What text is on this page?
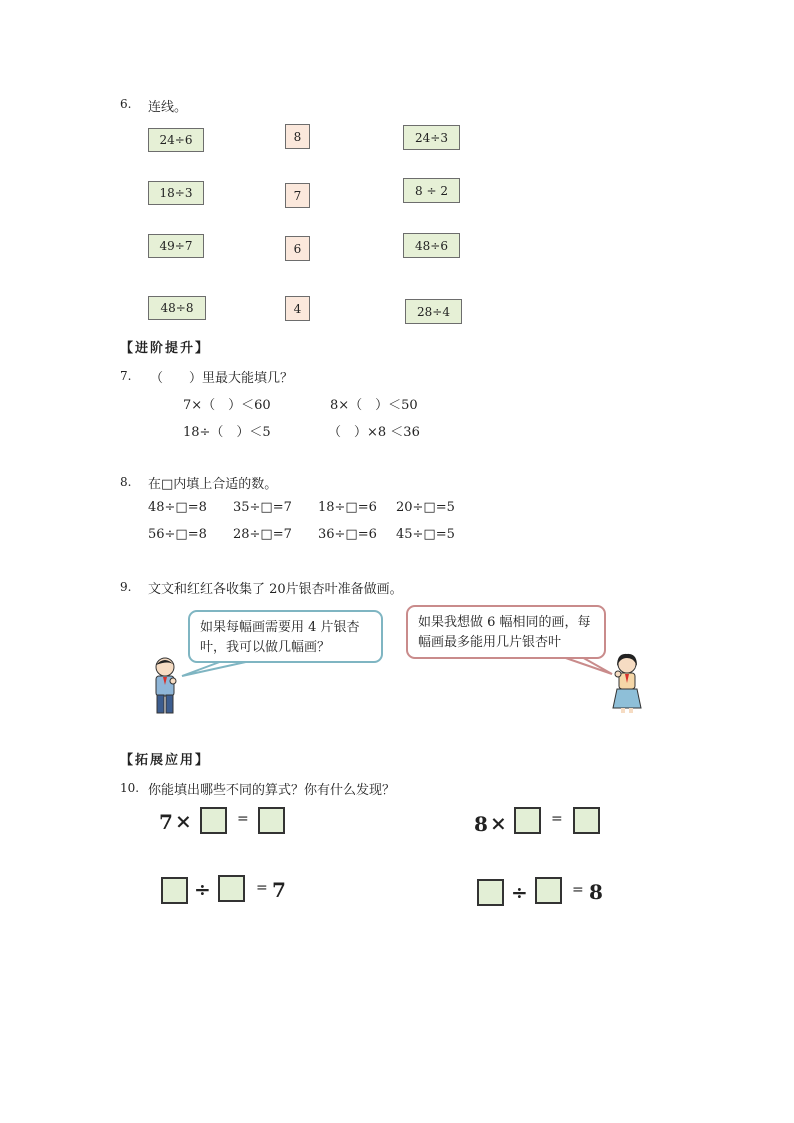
6. 连线。
24÷6
18÷3
49÷7
48÷8
8
7
6
4
24÷3
8 ÷ 2
48÷6
28÷4
【进阶提升】
7. （　　）里最大能填几？
7×（　）＜60	8×（　）＜50
18÷（　）＜5	（　）×8 ＜36
8. 在□内填上合适的数。
48÷□=8 35÷□=7 18÷□=6 20÷□=5
56÷□=8 28÷□=7 36÷□=6 45÷□=5
9. 文文和红红各收集了 20片银杏叶准备做画。
如果每幅画需要用 4 片银杏叶，我可以做几幅画？
如果我想做 6 幅相同的画，每幅画最多能用几片银杏叶
【拓展应用】
10. 你能填出哪些不同的算式？你有什么发现？
7 ×	=	8 ×	=
÷	= 7	÷	= 8
